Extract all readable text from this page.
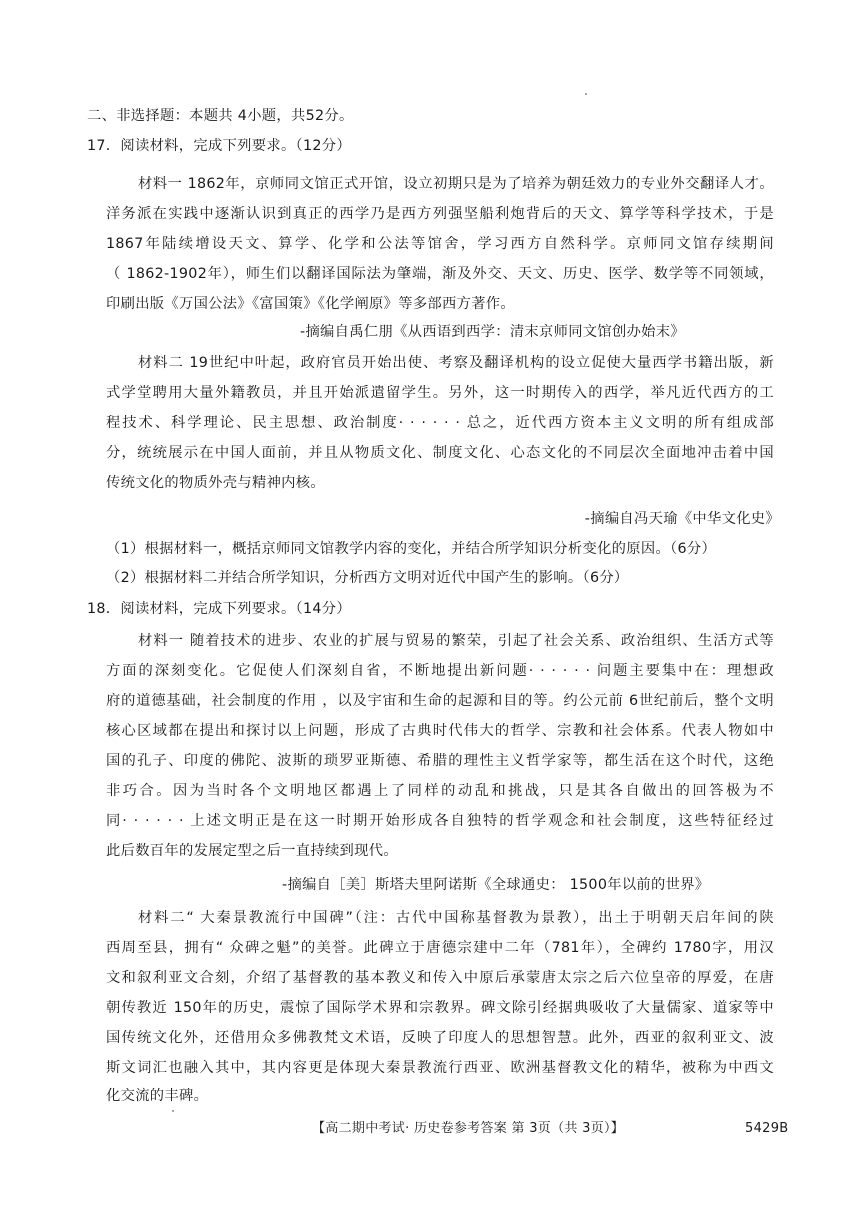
二、非选择题：本题共 4小题，共52分。
17．阅读材料，完成下列要求。（12分）
材料一 1862年，京师同文馆正式开馆，设立初期只是为了培养为朝廷效力的专业外交翻译人才。
洋务派在实践中逐渐认识到真正的西学乃是西方列强坚船利炮背后的天文、算学等科学技术，于是
1867年陆续增设天文、算学、化学和公法等馆舍，学习西方自然科学。京师同文馆存续期间
（ 1862-1902年），师生们以翻译国际法为肇端，渐及外交、天文、历史、医学、数学等不同领域，
印刷出版《万国公法》《富国策》《化学阐原》等多部西方著作。
-摘编自禹仁朋《从西语到西学：清末京师同文馆创办始末》
材料二 19世纪中叶起，政府官员开始出使、考察及翻译机构的设立促使大量西学书籍出版，新
式学堂聘用大量外籍教员，并且开始派遣留学生。另外，这一时期传入的西学，举凡近代西方的工
程技术、科学理论、民主思想、政治制度· · · · · · 总之，近代西方资本主义文明的所有组成部
分，统统展示在中国人面前，并且从物质文化、制度文化、心态文化的不同层次全面地冲击着中国
传统文化的物质外壳与精神内核。
-摘编自冯天瑜《中华文化史》
（1）根据材料一，概括京师同文馆教学内容的变化，并结合所学知识分析变化的原因。（6分）
（2）根据材料二并结合所学知识，分析西方文明对近代中国产生的影响。（6分）
18．阅读材料，完成下列要求。（14分）
材料一 随着技术的进步、农业的扩展与贸易的繁荣，引起了社会关系、政治组织、生活方式等
方面的深刻变化。它促使人们深刻自省，不断地提出新问题· · · · · · 问题主要集中在：理想政
府的道德基础，社会制度的作用 ，以及宇宙和生命的起源和目的等。约公元前 6世纪前后，整个文明
核心区域都在提出和探讨以上问题，形成了古典时代伟大的哲学、宗教和社会体系。代表人物如中
国的孔子、印度的佛陀、波斯的琐罗亚斯德、希腊的理性主义哲学家等，都生活在这个时代，这绝
非巧合。因为当时各个文明地区都遇上了同样的动乱和挑战，只是其各自做出的回答极为不
同· · · · · · 上述文明正是在这一时期开始形成各自独特的哲学观念和社会制度，这些特征经过
此后数百年的发展定型之后一直持续到现代。
-摘编自［美］斯塔夫里阿诺斯《全球通史： 1500年以前的世界》
材料二“ 大秦景教流行中国碑”（注：古代中国称基督教为景教），出土于明朝天启年间的陕
西周至县，拥有“ 众碑之魁”的美誉。此碑立于唐德宗建中二年（781年），全碑约 1780字，用汉
文和叙利亚文合刻，介绍了基督教的基本教义和传入中原后承蒙唐太宗之后六位皇帝的厚爱，在唐
朝传教近 150年的历史，震惊了国际学术界和宗教界。碑文除引经据典吸收了大量儒家、道家等中
国传统文化外，还借用众多佛教梵文术语，反映了印度人的思想智慧。此外，西亚的叙利亚文、波
斯文词汇也融入其中，其内容更是体现大秦景教流行西亚、欧洲基督教文化的精华，被称为中西文
化交流的丰碑。
【高二期中考试· 历史卷参考答案 第 3页（共 3页）】	5429B
